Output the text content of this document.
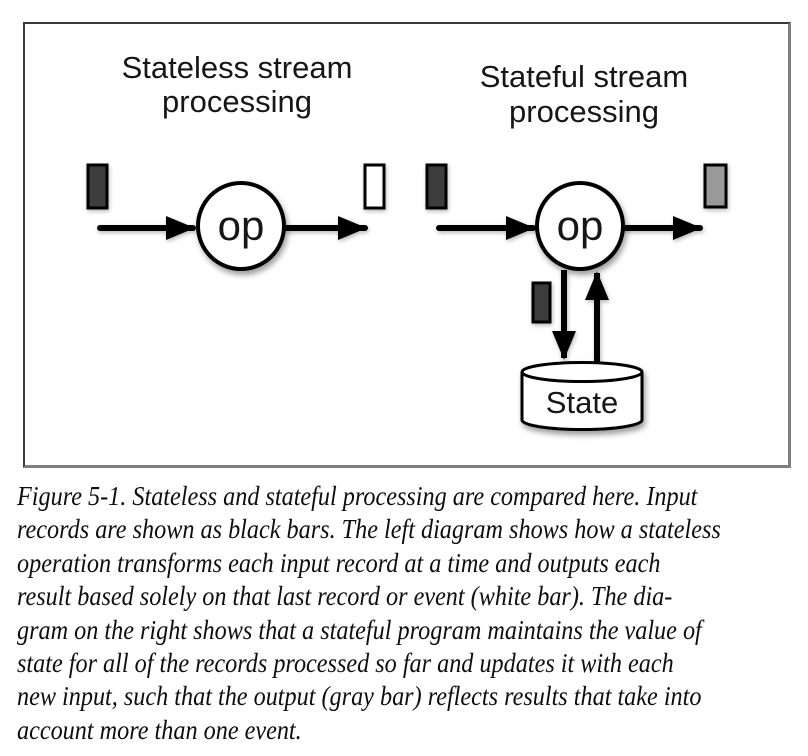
Stateless stream
processing
op
Stateful stream
processing
op
State
Figure 5-1. Stateless and stateful processing are compared here. Input
records are shown as black bars. The left diagram shows how a stateless
operation transforms each input record at a time and outputs each
result based solely on that last record or event (white bar). The dia-
gram on the right shows that a stateful program maintains the value of
state for all of the records processed so far and updates it with each
new input, such that the output (gray bar) reflects results that take into
account more than one event.
